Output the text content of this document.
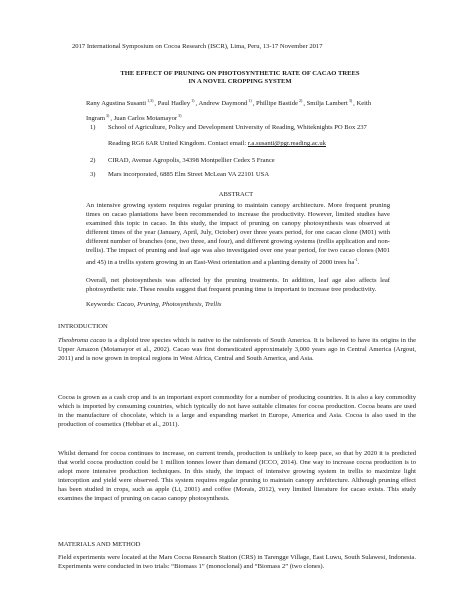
2017 International Symposium on Cocoa Research (ISCR), Lima, Peru, 13-17 November 2017

THE EFFECT OF PRUNING ON PHOTOSYNTHETIC RATE OF CACAO TREES
IN A NOVEL CROPPING SYSTEM
Rany Agustina Susanti$^{1,3)}$, Paul Hadley$^{1)}$, Andrew Daymond$^{1)}$, Phillipe Bastide$^{2)}$, Smilja Lambert$^{3)}$, Keith
Ingram$^{3)}$, Juan Carlos Motamayor$^{3)}$
1) School of Agriculture, Policy and Development University of Reading, Whiteknights PO Box 237
Reading RG6 6AR United Kingdom. Contact email: r.a.susanti@pgr.reading.ac.uk
2) CIRAD, Avenue Agropolis, 34398 Montpellier Cedex 5 France
3) Mars incorporated, 6885 Elm Street McLean VA 22101 USA

ABSTRACT

An intensive growing system requires regular pruning to maintain canopy architecture. More frequent pruning times on cacao plantations have been recommended to increase the productivity. However, limited studies have examined this topic in cacao. In this study, the impact of pruning on canopy photosynthesis was observed at different times of the year (January, April, July, October) over three years period, for one cacao clone (M01) with different number of branches (one, two three, and four), and different growing systems (trellis application and non-trellis). The impact of pruning and leaf age was also investigated over one year period, for two cacao clones (M01 and 45) in a trellis system growing in an East-West orientation and a planting density of 2000 trees $ha^{-1}$.

Overall, net photosynthesis was affected by the pruning treatments. In addition, leaf age also affects leaf photosynthetic rate. These results suggest that frequent pruning time is important to increase tree productivity.

Keywords: Cacao, Pruning, Photosynthesis, Trellis

INTRODUCTION

Theobroma cacao is a diploid tree species which is native to the rainforests of South America. It is believed to have its origins in the Upper Amazon (Motamayor et al., 2002). Cacao was first domesticated approximately 3,000 years ago in Central America (Argout, 2011) and is now grown in tropical regions in West Africa, Central and South America, and Asia.

Cocoa is grown as a cash crop and is an important export commodity for a number of producing countries. It is also a key commodity which is imported by consuming countries, which typically do not have suitable climates for cocoa production. Cocoa beans are used in the manufacture of chocolate, which is a large and expanding market in Europe, America and Asia. Cocoa is also used in the production of cosmetics (Hebbar et al., 2011).

Whilst demand for cocoa continues to increase, on current trends, production is unlikely to keep pace, so that by 2020 it is predicted that world cocoa production could be 1 million tonnes lower than demand (ICCO, 2014). One way to increase cocoa production is to adopt more intensive production techniques. In this study, the impact of intensive growing system in trellis to maximize light interception and yield were observed. This system requires regular pruning to maintain canopy architecture. Although pruning effect has been studied in crops, such as apple (Li, 2001) and coffee (Morais, 2012), very limited literature for cacao exists. This study examines the impact of pruning on cacao canopy photosynthesis.

MATERIALS AND METHOD

Field experiments were located at the Mars Cocoa Research Station (CRS) in Tarengge Village, East Luwu, South Sulawesi, Indonesia. Experiments were conducted in two trials: “Biomass 1” (monoclonal) and “Biomass 2” (two clones).
